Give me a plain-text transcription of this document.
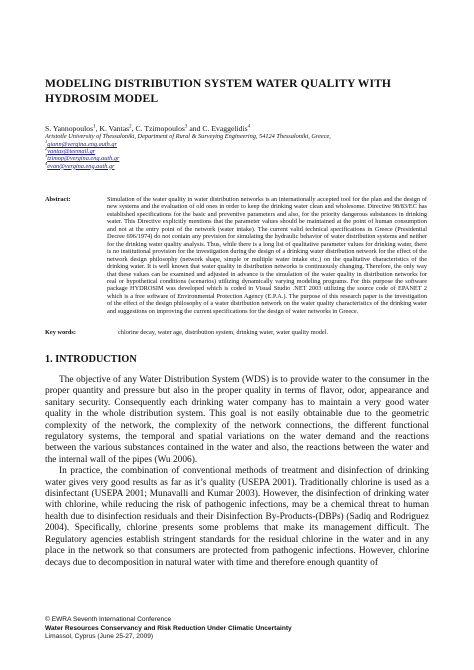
MODELING DISTRIBUTION SYSTEM WATER QUALITY WITH HYDROSIM MODEL
S. Yannopoulos$^1$, K. Vantas$^2$, C. Tzimopoulos$^3$ and C. Evaggelidis$^4$
Aristotle University of Thessaloniki, Department of Rural & Surveying Engineering, 54124 Thessaloniki, Greece,
$^1$giann@vergina.eng.auth.gr
$^2$vantas@teemail.gr
$^3$tzimop@vergina.eng.auth.gr
$^4$evan@vergina.eng.auth.gr
Abstract:	Simulation of the water quality in water distribution networks is an internationally accepted tool for the plan and the design of new systems and the evaluation of old ones in order to keep the drinking water clean and wholesome. Directive 98/83/EC has established specifications for the basic and preventive parameters and also, for the priority dangerous substances in drinking water. This Directive explicitly mentions that the parameter values should be maintained at the point of human consumption and not at the entry point of the network (water intake). The current valid technical specifications in Greece (Presidential Decree 696/1974) do not contain any prevision for simulating the hydraulic behavior of water distribution systems and neither for the drinking water quality analysis. Thus, while there is a long list of qualitative parameter values for drinking water, there is no institutional provision for the investigation during the design of a drinking water distribution network for the effect of the network design philosophy (network shape, simple or multiple water intake etc.) on the qualitative characteristics of the drinking water. It is well known that water quality in distribution networks is continuously changing. Therefore, the only way that these values can be examined and adjusted in advance is the simulation of the water quality in distribution networks for real or hypothetical conditions (scenarios) utilizing dynamically varying modeling programs. For this purpose the software package HYDROSIM was developed which is coded in Visual Studio .NET 2003 utilizing the source code of EPANET 2 which is a free software of Environmental Protection Agency (E.P.A.). The purpose of this research paper is the investigation of the effect of the design philosophy of a water distribution network on the water quality characteristics of the drinking water and suggestions on improving the current specifications for the design of water networks in Greece.

Key words:	chlorine decay, water age, distribution system, drinking water, water quality model.
1. INTRODUCTION

The objective of any Water Distribution System (WDS) is to provide water to the consumer in the proper quantity and pressure but also in the proper quality in terms of flavor, odor, appearance and sanitary security. Consequently each drinking water company has to maintain a very good water quality in the whole distribution system. This goal is not easily obtainable due to the geometric complexity of the network, the complexity of the network connections, the different functional regulatory systems, the temporal and spatial variations on the water demand and the reactions between the various substances contained in the water and also, the reactions between the water and the internal wall of the pipes (Wu 2006).

In practice, the combination of conventional methods of treatment and disinfection of drinking water gives very good results as far as it’s quality (USEPA 2001). Traditionally chlorine is used as a disinfectant (USEPA 2001; Munavalli and Kumar 2003). However, the disinfection of drinking water with chlorine, while reducing the risk of pathogenic infections, may be a chemical threat to human health due to disinfection residuals and their Disinfection By-Products-(DBPs) (Sadiq and Rodriguez 2004). Specifically, chlorine presents some problems that make its management difficult. The Regulatory agencies establish stringent standards for the residual chlorine in the water and in any place in the network so that consumers are protected from pathogenic infections. However, chlorine decays due to decomposition in natural water with time and therefore enough quantity of

© EWRA Seventh International Conference
Water Resources Conservancy and Risk Reduction Under Climatic Uncertainty
Limassol, Cyprus (June 25-27, 2009)
